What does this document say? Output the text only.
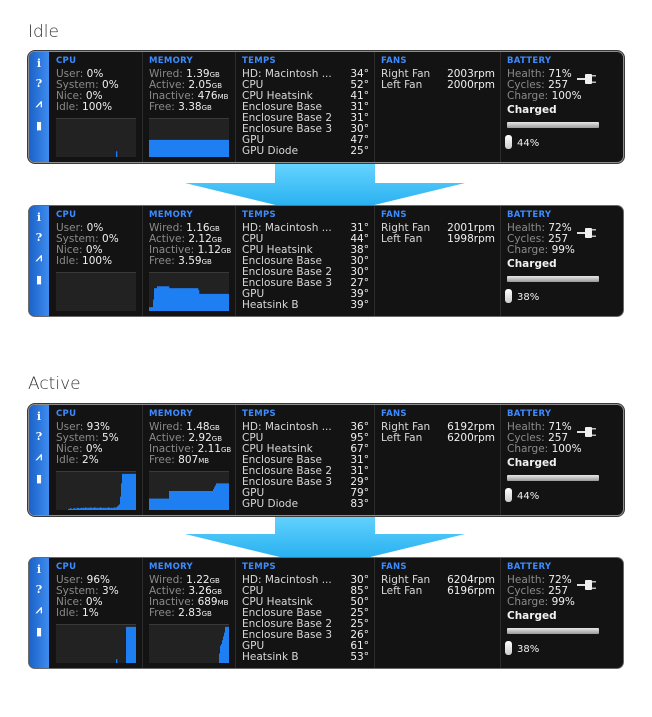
Idle
Active
i
?
⩘
▮
CPU
User: 0%
System: 0%
Nice: 0%
Idle: 100%
MEMORY
Wired: 1.39GB
Active: 2.05GB
Inactive: 476MB
Free: 3.38GB
TEMPS
HD: Macintosh ...	34°
CPU	52°
CPU Heatsink	41°
Enclosure Base	31°
Enclosure Base 2	31°
Enclosure Base 3	30°
GPU	47°
GPU Diode	25°
FANS
Right Fan 2003rpm
Left Fan 2000rpm
BATTERY
Health: 71%
Cycles: 257
Charge: 100%
Charged
44%
i
?
⩘
▮
CPU
User: 0%
System: 0%
Nice: 0%
Idle: 100%
MEMORY
Wired: 1.16GB
Active: 2.12GB
Inactive: 1.12GB
Free: 3.59GB
TEMPS
HD: Macintosh ...	31°
CPU	44°
CPU Heatsink	38°
Enclosure Base	30°
Enclosure Base 2	30°
Enclosure Base 3	27°
GPU	39°
Heatsink B	39°
FANS
Right Fan 2001rpm
Left Fan 1998rpm
BATTERY
Health: 72%
Cycles: 257
Charge: 99%
Charged
38%
i
?
⩘
▮
CPU
User: 93%
System: 5%
Nice: 0%
Idle: 2%
MEMORY
Wired: 1.48GB
Active: 2.92GB
Inactive: 2.11GB
Free: 807MB
TEMPS
HD: Macintosh ...	36°
CPU	95°
CPU Heatsink	67°
Enclosure Base	31°
Enclosure Base 2	31°
Enclosure Base 3	29°
GPU	79°
GPU Diode	83°
FANS
Right Fan 6192rpm
Left Fan 6200rpm
BATTERY
Health: 71%
Cycles: 257
Charge: 100%
Charged
44%
i
?
⩘
▮
CPU
User: 96%
System: 3%
Nice: 0%
Idle: 1%
MEMORY
Wired: 1.22GB
Active: 3.26GB
Inactive: 689MB
Free: 2.83GB
TEMPS
HD: Macintosh ...	30°
CPU	85°
CPU Heatsink	50°
Enclosure Base	25°
Enclosure Base 2	25°
Enclosure Base 3	26°
GPU	61°
Heatsink B	53°
FANS
Right Fan 6204rpm
Left Fan 6196rpm
BATTERY
Health: 72%
Cycles: 257
Charge: 99%
Charged
38%
